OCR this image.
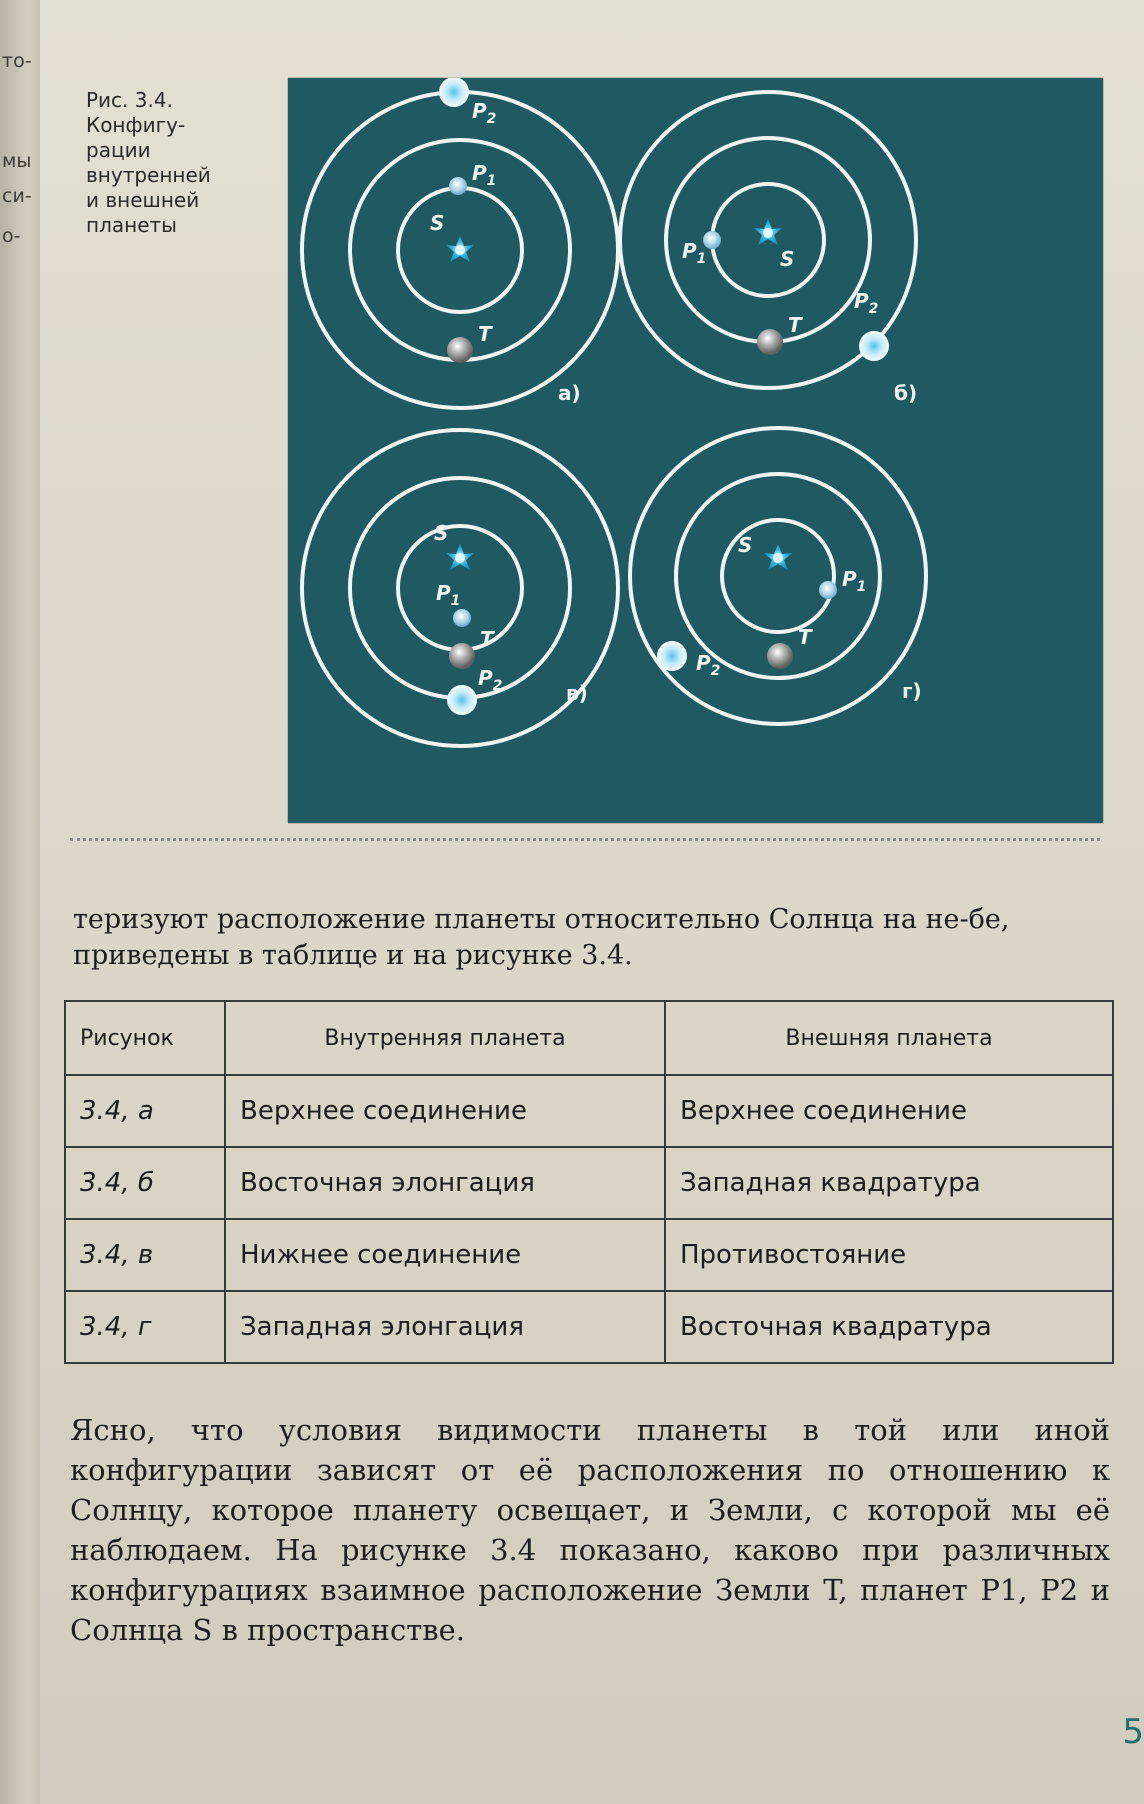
то-
мы
си-
о-

Рис. 3.4.
Конфигу-
рации
внутренней
и внешней
планеты	S
T
$P_1$
$P_2$
а)
S
T
$P_1$
$P_2$
б)
S
T
$P_1$
$P_2$	в)
S
T
$P_1$
$P_2$
г)

теризуют расположение планеты относительно Солнца на не-бе, приведены в таблице и на рисунке 3.4.

Рисунок	Внутренняя планета	Внешняя планета
3.4, а	Верхнее соединение	Верхнее соединение
3.4, б	Восточная элонгация	Западная квадратура
3.4, в	Нижнее соединение	Противостояние
3.4, г	Западная элонгация	Восточная квадратура

Ясно, что условия видимости планеты в той или иной конфигурации зависят от её расположения по отношению к Солнцу, которое планету освещает, и Земли, с которой мы её наблюдаем. На рисунке 3.4 показано, каково при различных конфигурациях взаимное расположение Земли T, планет P1, P2 и Солнца S в пространстве.

5
